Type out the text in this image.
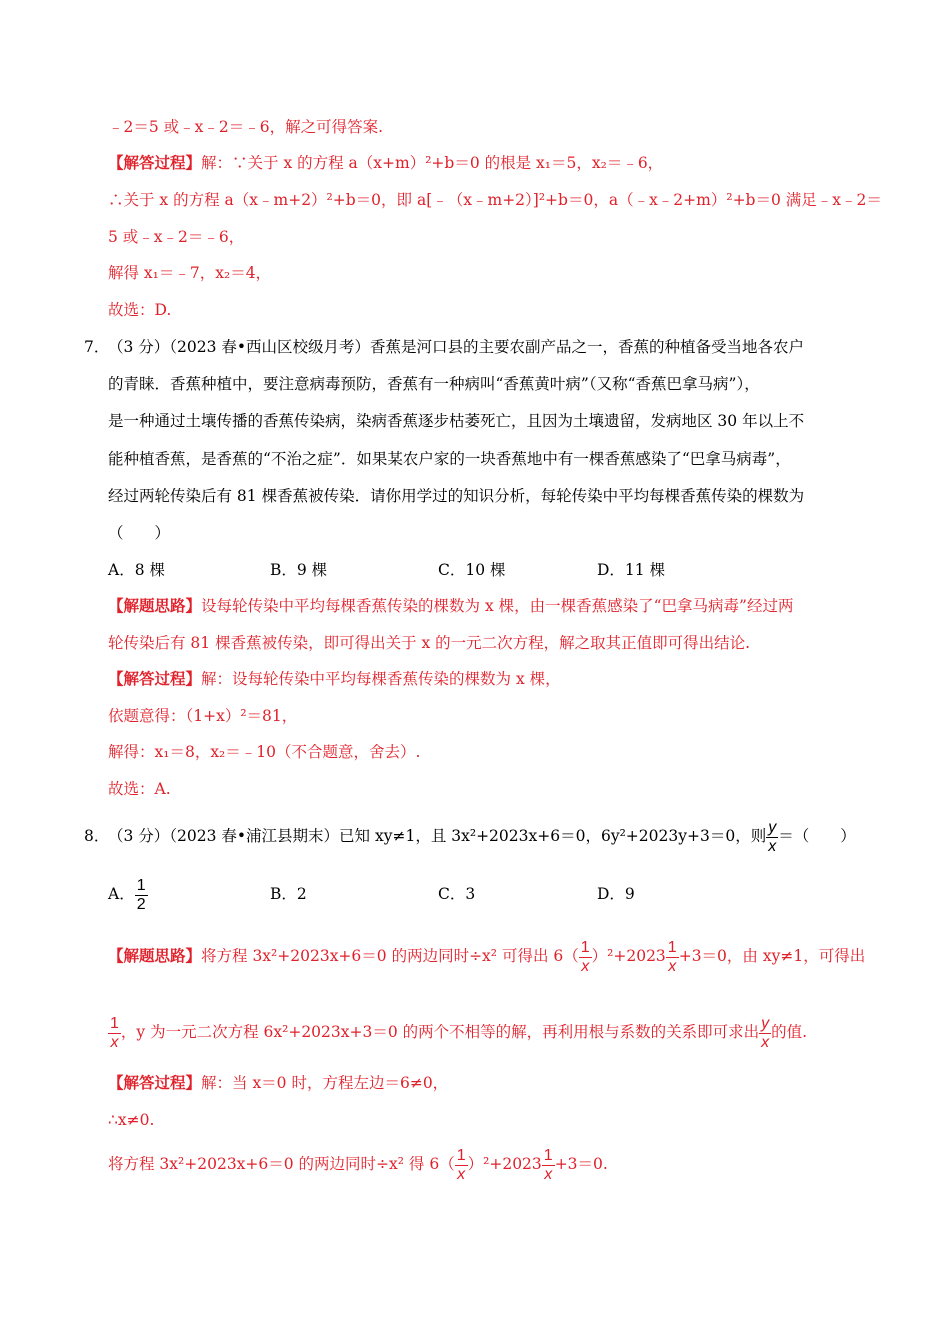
﹣2＝5 或﹣x﹣2＝﹣6，解之可得答案.
【解答过程】解：∵关于 x 的方程 a（x+m）²+b＝0 的根是 x₁＝5，x₂＝﹣6，
∴关于 x 的方程 a（x﹣m+2）²+b＝0，即 a[﹣（x﹣m+2）]²+b＝0，a（﹣x﹣2+m）²+b＝0 满足﹣x﹣2＝
5 或﹣x﹣2＝﹣6，
解得 x₁＝﹣7，x₂＝4，
故选：D.
7．
（3 分）（2023 春•西山区校级月考）香蕉是河口县的主要农副产品之一，香蕉的种植备受当地各农户
的青睐．香蕉种植中，要注意病毒预防，香蕉有一种病叫“香蕉黄叶病”（又称“香蕉巴拿马病”），
是一种通过土壤传播的香蕉传染病，染病香蕉逐步枯萎死亡，且因为土壤遗留，发病地区 30 年以上不
能种植香蕉，是香蕉的“不治之症”．如果某农户家的一块香蕉地中有一棵香蕉感染了“巴拿马病毒”，
经过两轮传染后有 81 棵香蕉被传染．请你用学过的知识分析，每轮传染中平均每棵香蕉传染的棵数为
（　　）
A．8 棵	B．9 棵	C．10 棵	D．11 棵
【解题思路】设每轮传染中平均每棵香蕉传染的棵数为 x 棵，由一棵香蕉感染了“巴拿马病毒”经过两
轮传染后有 81 棵香蕉被传染，即可得出关于 x 的一元二次方程，解之取其正值即可得出结论.
【解答过程】解：设每轮传染中平均每棵香蕉传染的棵数为 x 棵，
依题意得：（1+x）²＝81，
解得：x₁＝8，x₂＝﹣10（不合题意，舍去）.
故选：A.
8．
（3 分）（2023 春•浦江县期末）已知 xy≠1，且 3x²+2023x+6＝0，6y²+2023y+3＝0，则 $\frac{y}{x}$ ＝（　　）
A． $\frac{1}{2}$	B．2	C．3	D．9
【解题思路】将方程 3x²+2023x+6＝0 的两边同时÷x² 可得出 $6( \frac{1}{x} )^2+2023 \frac{1}{x} +3=0$，由 xy≠1，可得出
$\frac{1}{x}$ ，y 为一元二次方程 6x²+2023x+3＝0 的两个不相等的解，再利用根与系数的关系即可求出 $\frac{y}{x}$ 的值.
【解答过程】解：当 x＝0 时，方程左边＝6≠0，
∴x≠0.
将方程 3x²+2023x+6＝0 的两边同时÷x² 得 $6( \frac{1}{x} )^2+2023 \frac{1}{x} +3=0$.
